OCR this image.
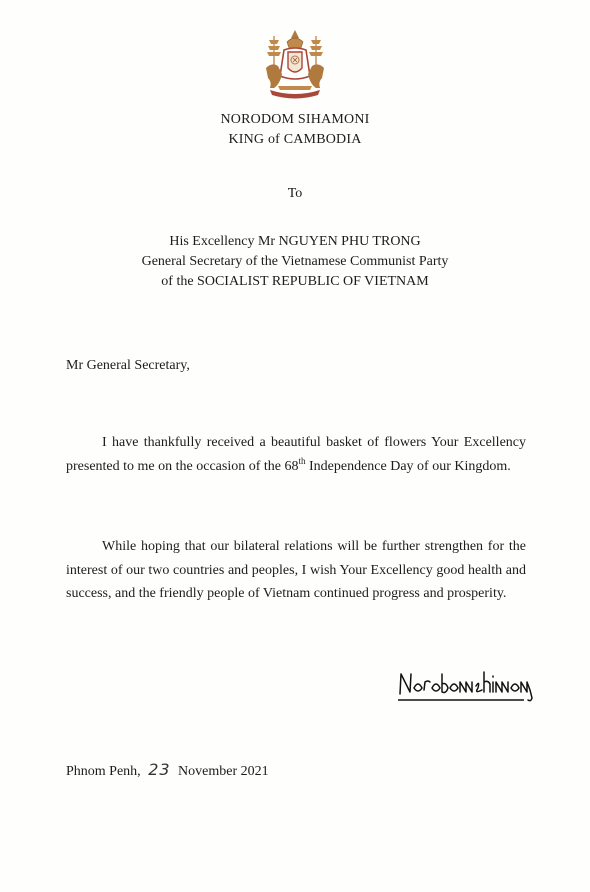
NORODOM SIHAMONI
KING of CAMBODIA
To
His Excellency Mr NGUYEN PHU TRONG
General Secretary of the Vietnamese Communist Party
of the SOCIALIST REPUBLIC OF VIETNAM
Mr General Secretary,

I have thankfully received a beautiful basket of flowers Your Excellency presented to me on the occasion of the 68th Independence Day of our Kingdom.

While hoping that our bilateral relations will be further strengthen for the interest of our two countries and peoples, I wish Your Excellency good health and success, and the friendly people of Vietnam continued progress and prosperity.

Phnom Penh, 23 November 2021
